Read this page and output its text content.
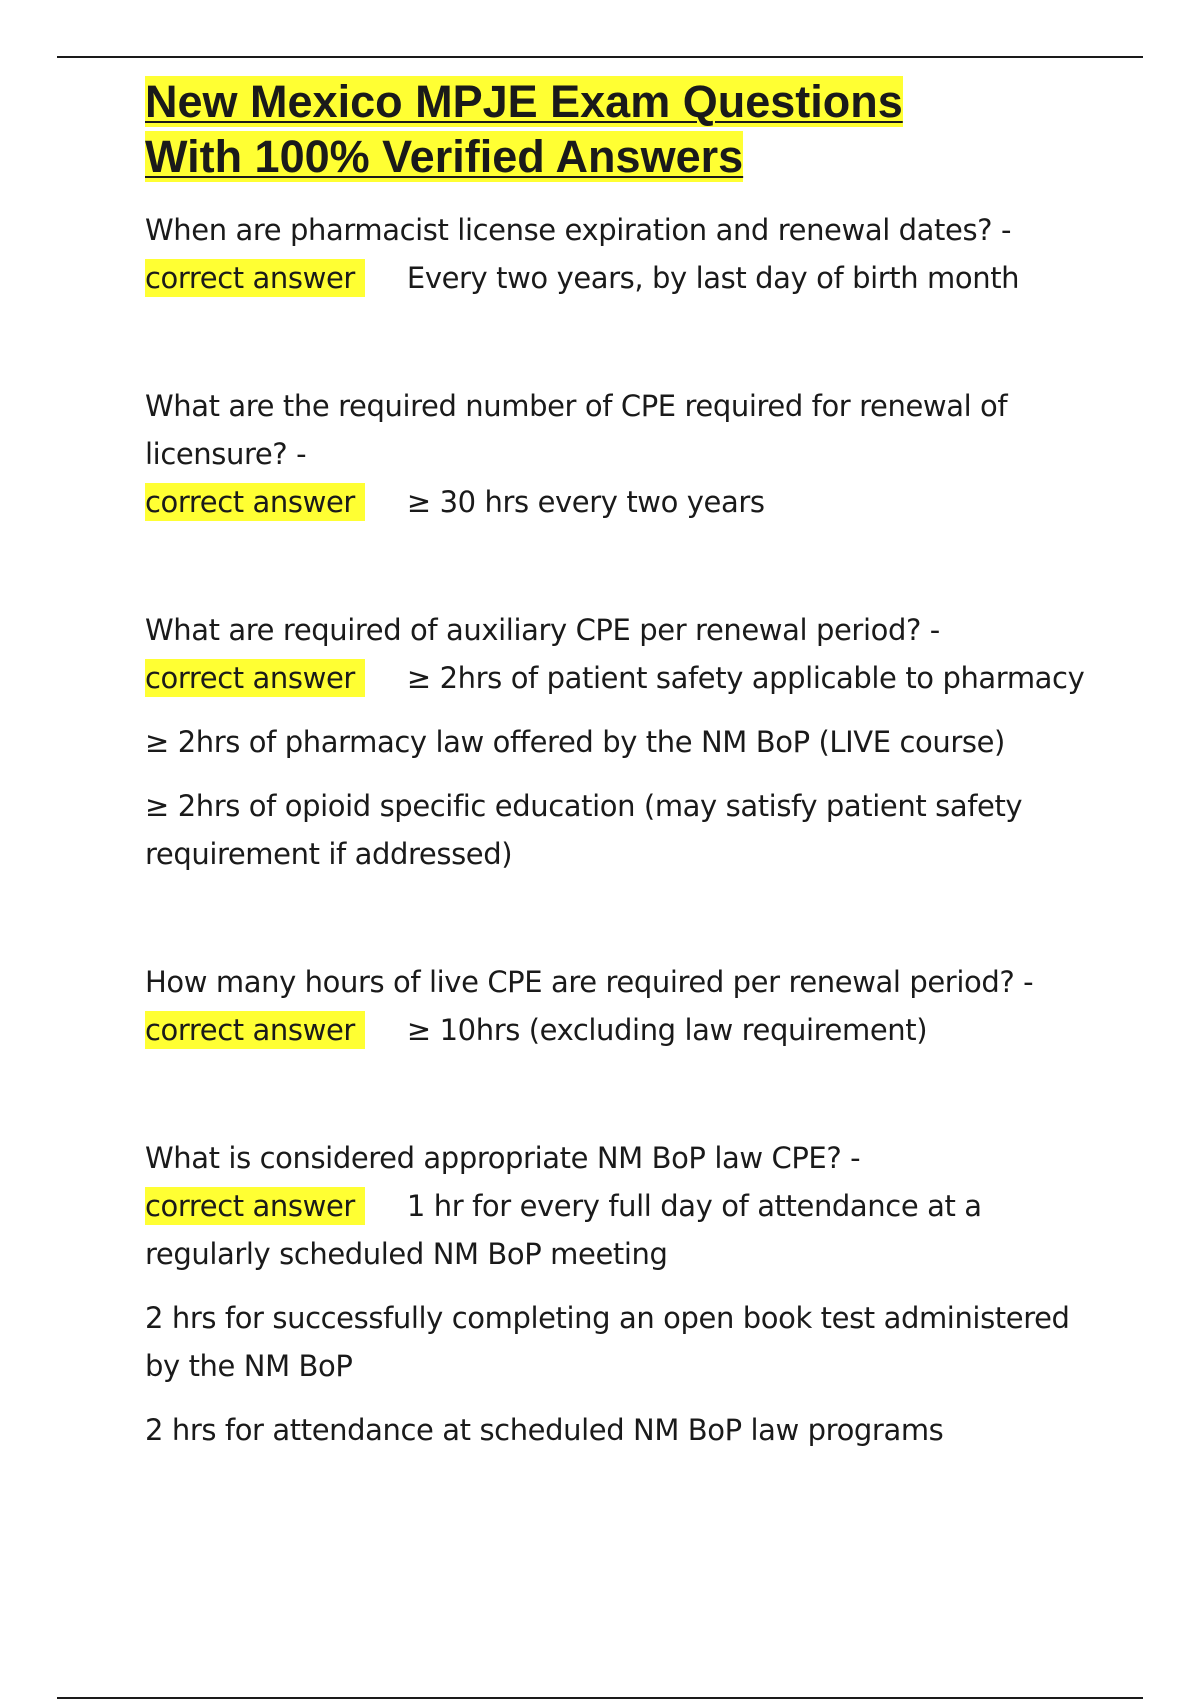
New Mexico MPJE Exam Questions
With 100% Verified Answers

When are pharmacist license expiration and renewal dates? -

correct answer Every two years, by last day of birth month

What are the required number of CPE required for renewal of licensure? -

correct answer ≥ 30 hrs every two years

What are required of auxiliary CPE per renewal period? -

correct answer ≥ 2hrs of patient safety applicable to pharmacy

≥ 2hrs of pharmacy law offered by the NM BoP (LIVE course)

≥ 2hrs of opioid specific education (may satisfy patient safety requirement if addressed)

How many hours of live CPE are required per renewal period? -

correct answer ≥ 10hrs (excluding law requirement)

What is considered appropriate NM BoP law CPE? -

correct answer 1 hr for every full day of attendance at a regularly scheduled NM BoP meeting

2 hrs for successfully completing an open book test administered by the NM BoP

2 hrs for attendance at scheduled NM BoP law programs
